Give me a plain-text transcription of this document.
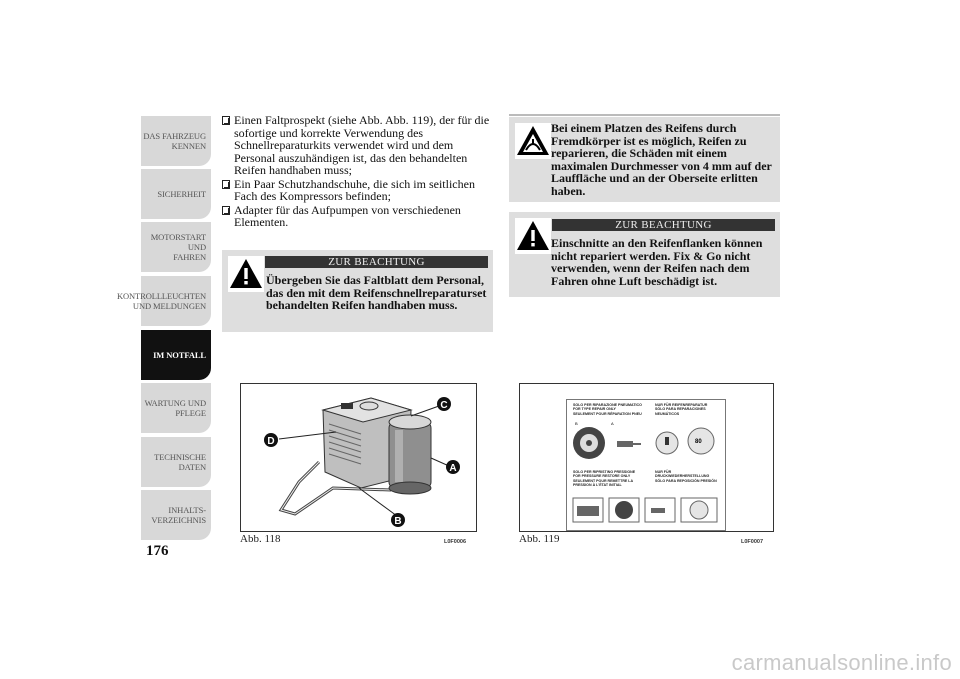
DAS FAHRZEUG
KENNEN
SICHERHEIT
MOTORSTART UND
FAHREN
KONTROLLLEUCHTEN
UND MELDUNGEN
IM NOTFALL
WARTUNG UND
PFLEGE
TECHNISCHE
DATEN
INHALTS-
VERZEICHNIS
176
Einen Faltprospekt (siehe Abb. Abb. 119), der für die sofortige und korrekte Verwendung des Schnellreparaturkits verwendet wird und dem Personal auszuhändigen ist, das den behandelten Reifen handhaben muss;
Ein Paar Schutzhandschuhe, die sich im seitlichen Fach des Kompressors befinden;
Adapter für das Aufpumpen von verschiedenen Elementen.
ZUR BEACHTUNG
Übergeben Sie das Faltblatt dem Personal, das den mit dem Reifenschnellreparaturset behandelten Reifen handhaben muss.
Bei einem Platzen des Reifens durch Fremdkörper ist es möglich, Reifen zu reparieren, die Schäden mit einem maximalen Durchmesser von 4 mm auf der Lauffläche und an der Oberseite erlitten haben.
ZUR BEACHTUNG
Einschnitte an den Reifenflanken können nicht repariert werden. Fix & Go nicht verwenden, wenn der Reifen nach dem Fahren ohne Luft beschädigt ist.
C
D
A
B
Abb. 118	L0F0006
SOLO PER RIPARAZIONE PNEUMATICO
FOR TYPE REPAIR ONLY
SEULEMENT POUR RÉPARATION PNEU
NUR FÜR REIFENREPARATUR
SÓLO PARA REPARACIONES NEUMÁTICOS
B	A
80
SOLO PER RIPRISTINO PRESSIONE
FOR PRESSURE RESTORE ONLY
SEULEMENT POUR REMETTRE LA
PRESSION À L'ÉTAT INITIAL
NUR FÜR DRUCKWIEDERHERSTELLUNG
SÓLO PARA REPOSICIÓN PRESIÓN
Abb. 119	L0F0007
carmanualsonline.info
